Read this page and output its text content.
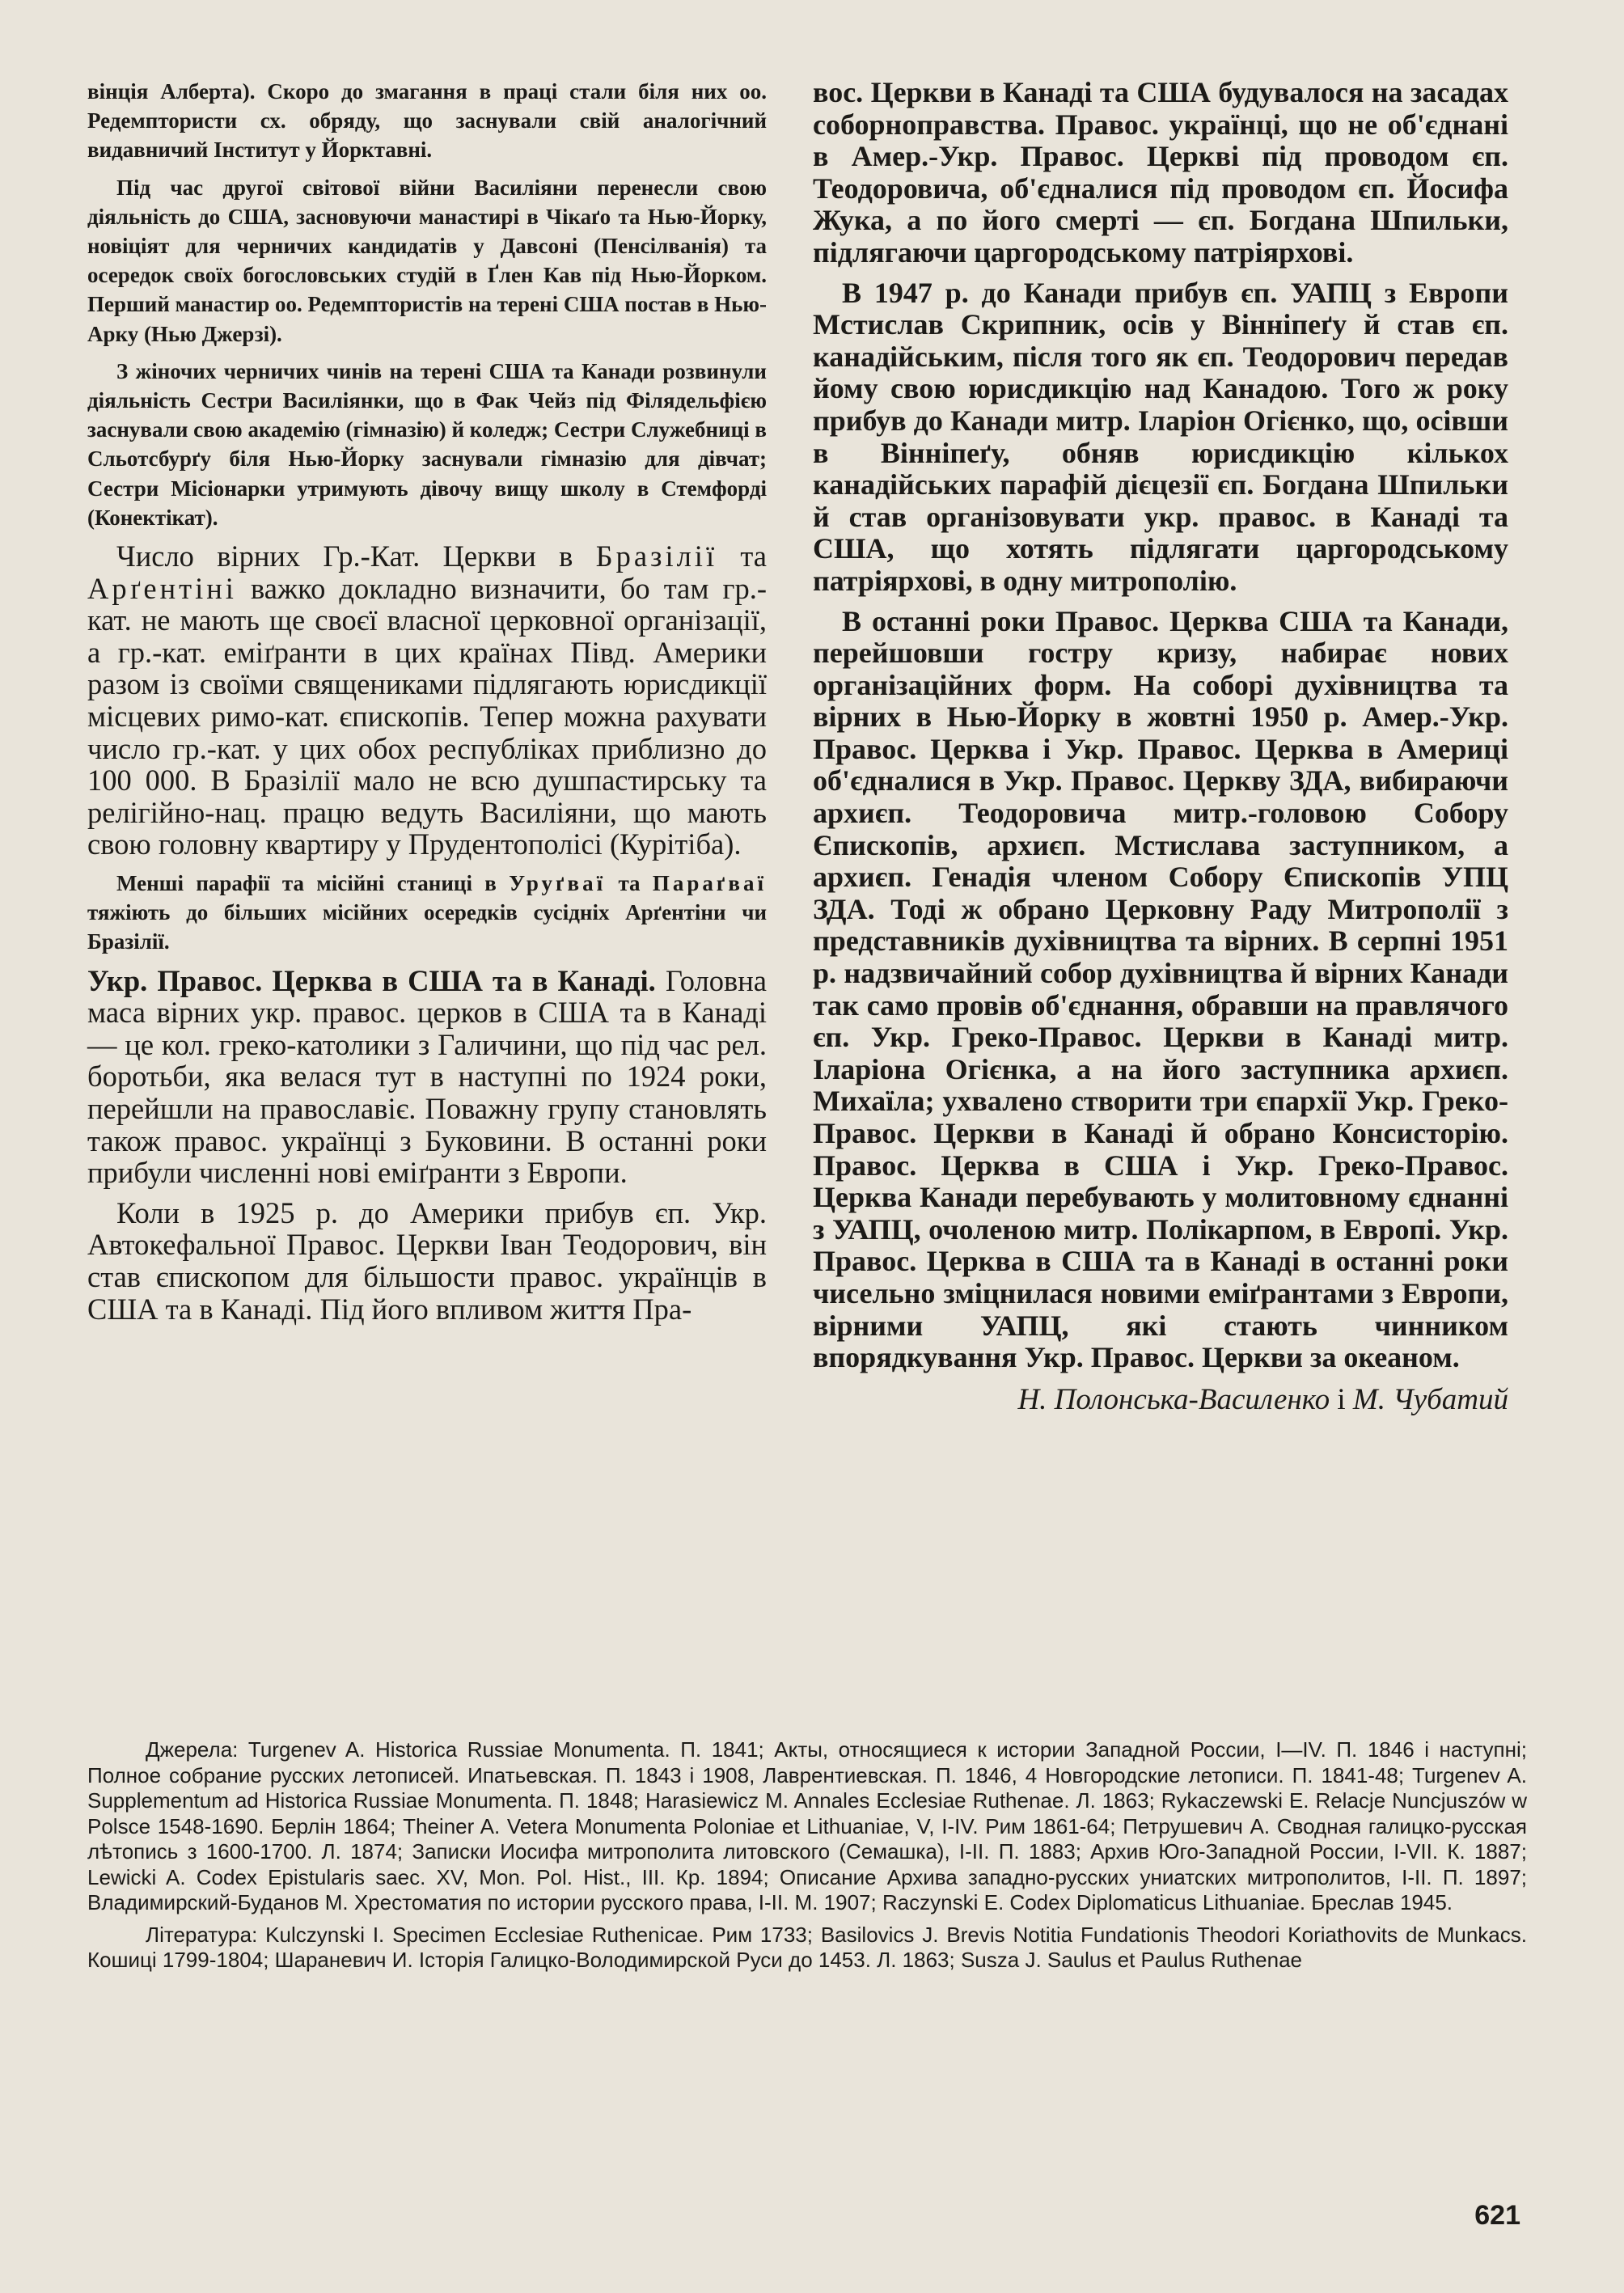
вінція Алберта). Скоро до змагання в праці стали біля них оо. Редемптористи сх. обряду, що заснували свій аналогічний видавничий Інститут у Йорктавні.

Під час другої світової війни Василіяни перенесли свою діяльність до США, засновуючи манастирі в Чікаґо та Нью-Йорку, новіціят для черничих кандидатів у Давсоні (Пенсілванія) та осередок своїх богословських студій в Ґлен Кав під Нью-Йорком. Перший манастир оо. Редемптористів на терені США постав в Нью-Арку (Нью Джерзі).

З жіночих черничих чинів на терені США та Канади розвинули діяльність Сестри Василіянки, що в Фак Чейз під Філядельфією заснували свою академію (гімназію) й коледж; Сестри Служебниці в Сльотсбурґу біля Нью-Йорку заснували гімназію для дівчат; Сестри Місіонарки утримують дівочу вищу школу в Стемфорді (Конектікат).

Число вірних Гр.-Кат. Церкви в Бразілії та Арґентіні важко докладно визначити, бо там гр.-кат. не мають ще своєї власної церковної організації, а гр.-кат. еміґранти в цих країнах Півд. Америки разом із своїми священиками підлягають юрисдикції місцевих римо-кат. єпископів. Тепер можна рахувати число гр.-кат. у цих обох республіках приблизно до 100 000. В Бразілії мало не всю душпастирську та релігійно-нац. працю ведуть Василіяни, що мають свою головну квартиру у Прудентополісі (Курітіба).

Менші парафії та місійні станиці в Уруґваї та Параґваї тяжіють до більших місійних осередків сусідніх Арґентіни чи Бразілії.

Укр. Правос. Церква в США та в Канаді. Головна маса вірних укр. правос. церков в США та в Канаді — це кол. греко-католики з Галичини, що під час рел. боротьби, яка велася тут в наступні по 1924 роки, перейшли на православіє. Поважну групу становлять також правос. українці з Буковини. В останні роки прибули численні нові еміґранти з Европи.

Коли в 1925 р. до Америки прибув єп. Укр. Автокефальної Правос. Церкви Іван Теодорович, він став єпископом для більшости правос. українців в США та в Канаді. Під його впливом життя Пра-

вос. Церкви в Канаді та США будувалося на засадах соборноправства. Правос. українці, що не об'єднані в Амер.-Укр. Правос. Церкві під проводом єп. Теодоровича, об'єдналися під проводом єп. Йосифа Жука, а по його смерті — єп. Богдана Шпильки, підлягаючи царгородському патріярхові.

В 1947 р. до Канади прибув єп. УАПЦ з Европи Мстислав Скрипник, осів у Вінніпеґу й став єп. канадійським, після того як єп. Теодорович передав йому свою юрисдикцію над Канадою. Того ж року прибув до Канади митр. Іларіон Огієнко, що, осівши в Вінніпеґу, обняв юрисдикцію кількох канадійських парафій дієцезії єп. Богдана Шпильки й став організовувати укр. правос. в Канаді та США, що хотять підлягати царгородському патріярхові, в одну митрополію.

В останні роки Правос. Церква США та Канади, перейшовши гостру кризу, набирає нових організаційних форм. На соборі духівництва та вірних в Нью-Йорку в жовтні 1950 р. Амер.-Укр. Правос. Церква і Укр. Правос. Церква в Америці об'єдналися в Укр. Правос. Церкву ЗДА, вибираючи архиєп. Теодоровича митр.-головою Собору Єпископів, архиєп. Мстислава заступником, а архиєп. Генадія членом Собору Єпископів УПЦ ЗДА. Тоді ж обрано Церковну Раду Митрополії з представників духівництва та вірних. В серпні 1951 р. надзвичайний собор духівництва й вірних Канади так само провів об'єднання, обравши на правлячого єп. Укр. Греко-Правос. Церкви в Канаді митр. Іларіона Огієнка, а на його заступника архиєп. Михаїла; ухвалено створити три єпархії Укр. Греко-Правос. Церкви в Канаді й обрано Консисторію. Правос. Церква в США і Укр. Греко-Правос. Церква Канади перебувають у молитовному єднанні з УАПЦ, очоленою митр. Полікарпом, в Европі. Укр. Правос. Церква в США та в Канаді в останні роки чисельно зміцнилася новими еміґрантами з Европи, вірними УАПЦ, які стають чинником впорядкування Укр. Правос. Церкви за океаном.

Н. Полонська-Василенко і М. Чубатий

Джерела: Turgenev A. Historica Russiae Monumenta. П. 1841; Акты, относящиеся к истории Западной России, I—IV. П. 1846 і наступні; Полное собрание русских летописей. Ипатьевская. П. 1843 і 1908, Лаврентиевская. П. 1846, 4 Новгородские летописи. П. 1841-48; Turgenev A. Supplementum ad Historica Russiae Monumenta. П. 1848; Harasiewicz M. Annales Ecclesiae Ruthenae. Л. 1863; Rykaczewski E. Relacje Nuncjuszów w Polsce 1548-1690. Берлін 1864; Theiner A. Vetera Monumenta Poloniae et Lithuaniae, V, I-IV. Рим 1861-64; Петрушевич А. Сводная галицко-русская лѣтопись з 1600-1700. Л. 1874; Записки Иосифа митрополита литовского (Семашка), I-II. П. 1883; Архив Юго-Западной России, I-VII. К. 1887; Lewicki A. Codex Epistularis saec. XV, Mon. Pol. Hist., III. Кр. 1894; Описание Архива западно-русских униатских митрополитов, I-II. П. 1897; Владимирский-Буданов М. Хрестоматия по истории русского права, I-II. М. 1907; Raczynski E. Codex Diplomaticus Lithuaniae. Бреслав 1945.

Література: Kulczynski I. Specimen Ecclesiae Ruthenicae. Рим 1733; Basilovics J. Brevis Notitia Fundationis Theodori Koriathovits de Munkacs. Кошиці 1799-1804; Шараневич И. Історія Галицко-Володимирской Руси до 1453. Л. 1863; Susza J. Saulus et Paulus Ruthenae

621
